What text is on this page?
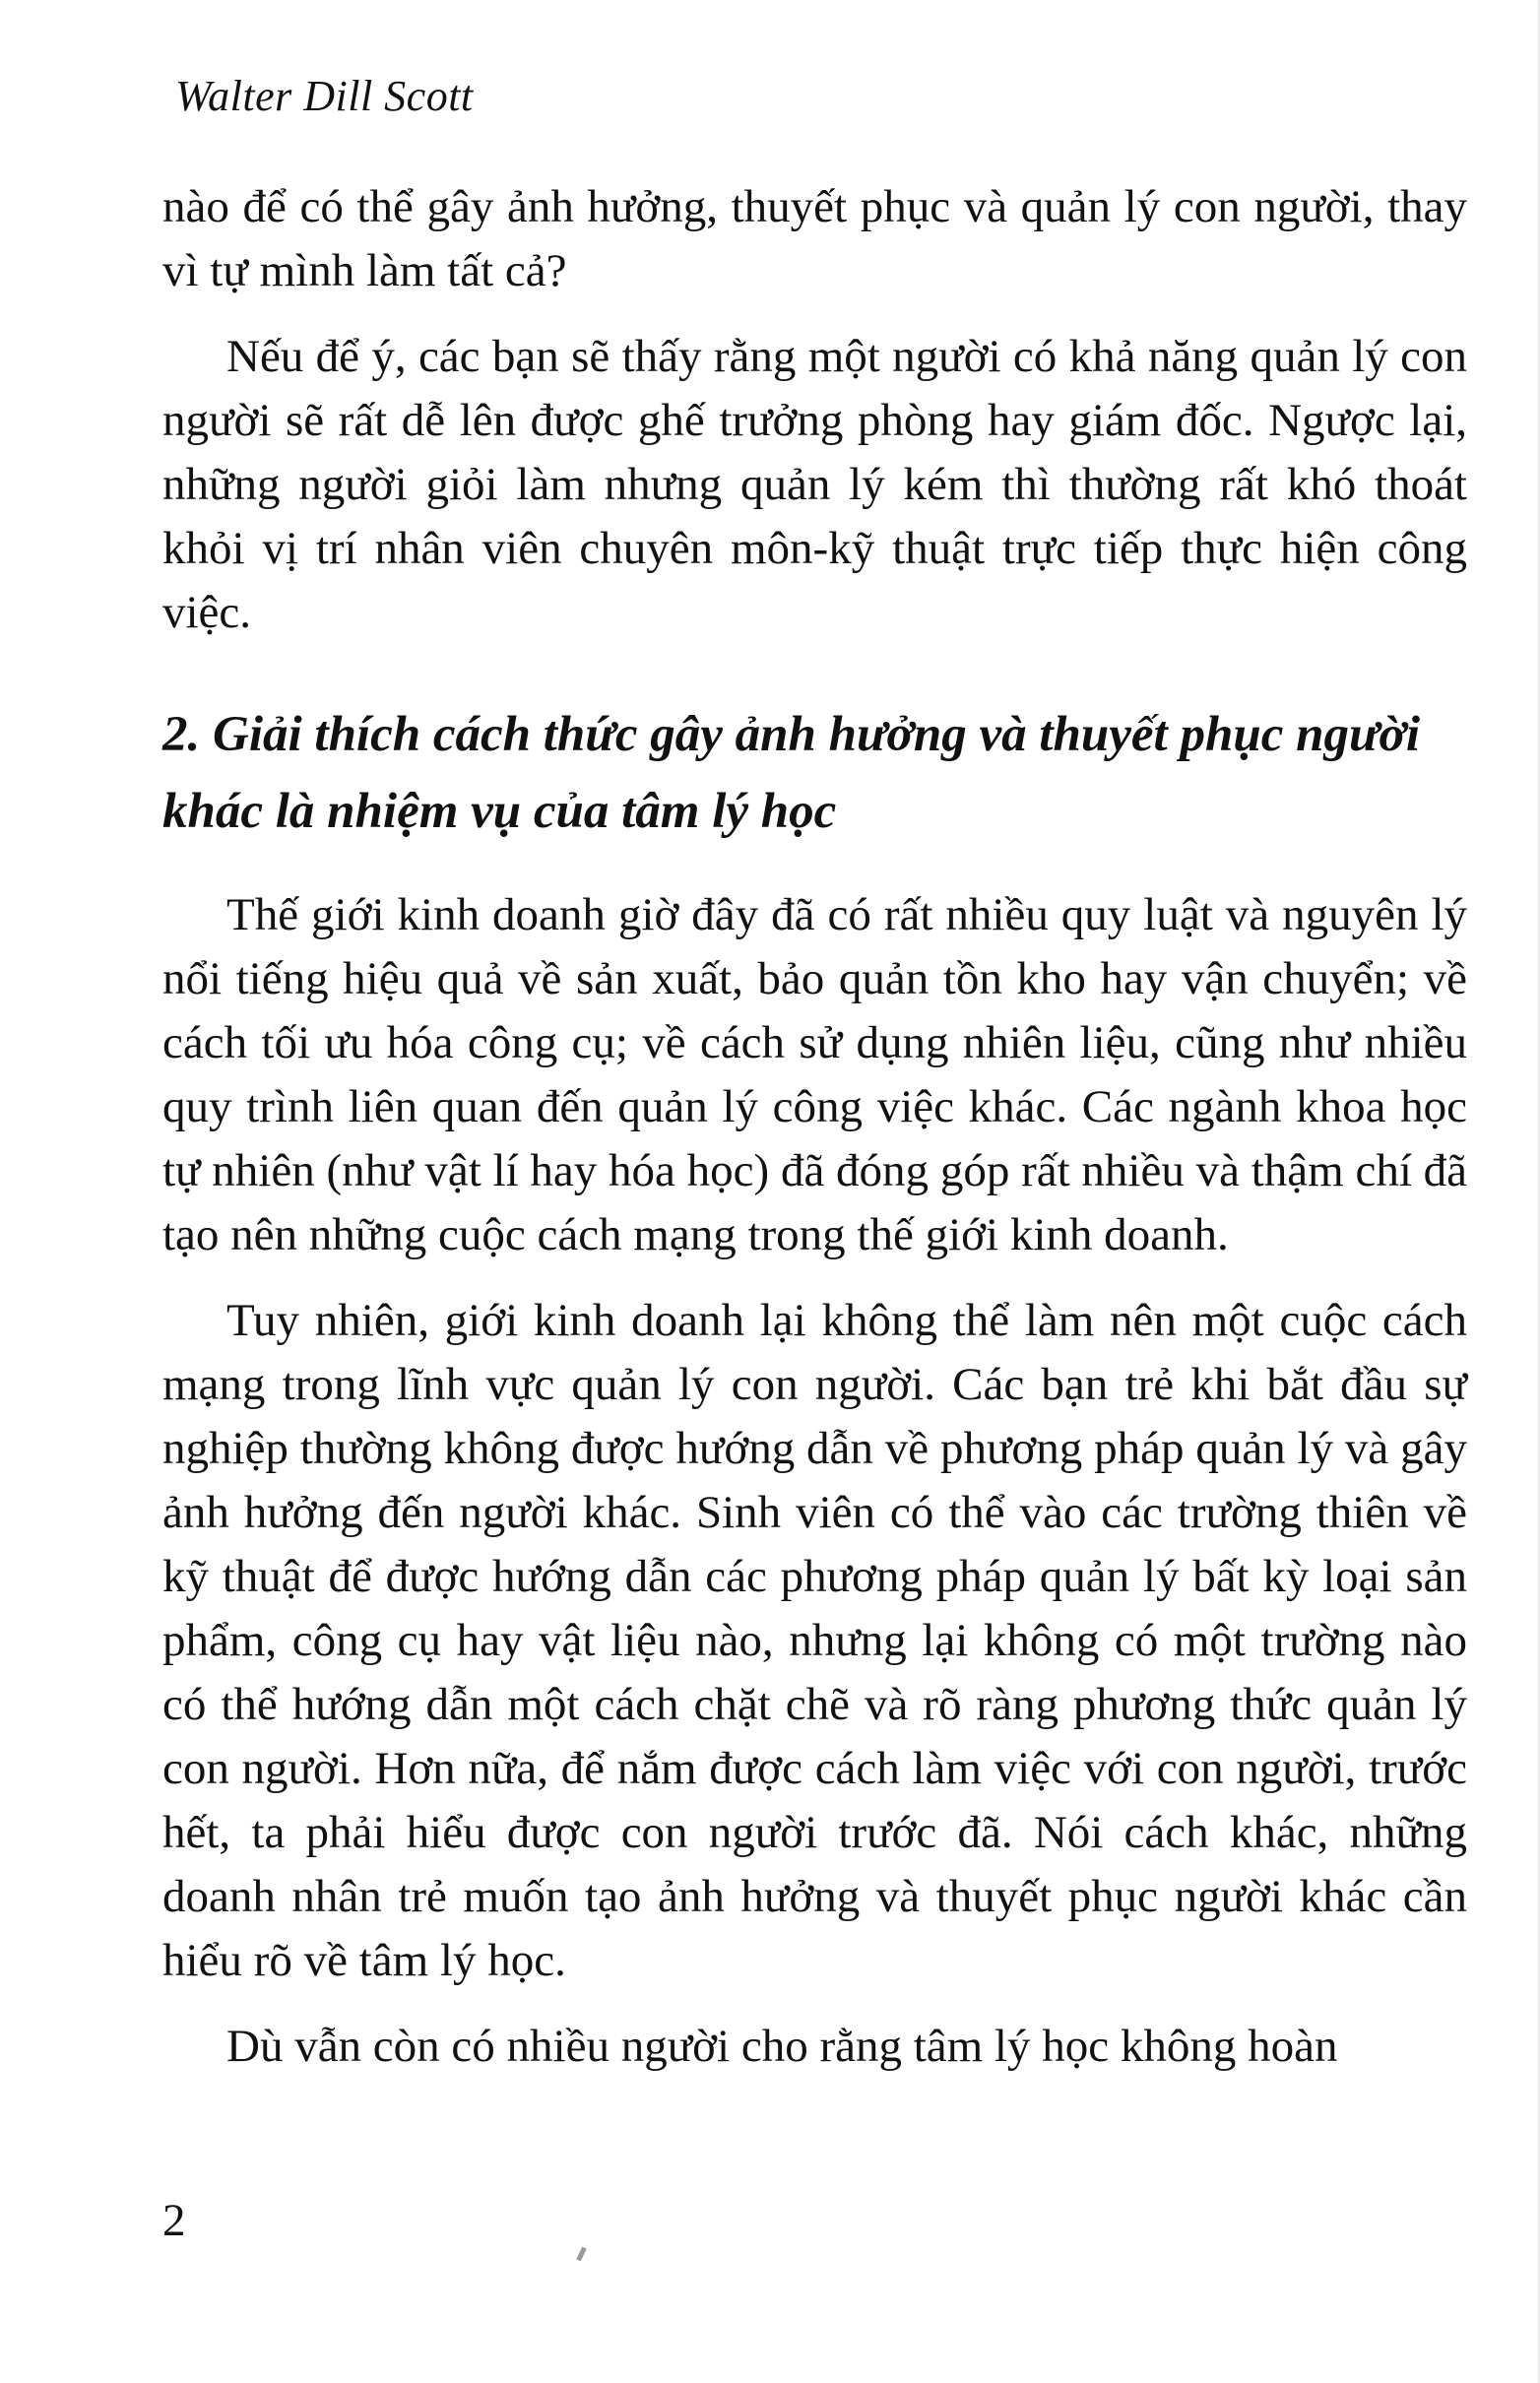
Walter Dill Scott

nào để có thể gây ảnh hưởng, thuyết phục và quản lý con người, thay vì tự mình làm tất cả?

Nếu để ý, các bạn sẽ thấy rằng một người có khả năng quản lý con người sẽ rất dễ lên được ghế trưởng phòng hay giám đốc. Ngược lại, những người giỏi làm nhưng quản lý kém thì thường rất khó thoát khỏi vị trí nhân viên chuyên môn-kỹ thuật trực tiếp thực hiện công việc.

2. Giải thích cách thức gây ảnh hưởng và thuyết phục người khác là nhiệm vụ của tâm lý học

Thế giới kinh doanh giờ đây đã có rất nhiều quy luật và nguyên lý nổi tiếng hiệu quả về sản xuất, bảo quản tồn kho hay vận chuyển; về cách tối ưu hóa công cụ; về cách sử dụng nhiên liệu, cũng như nhiều quy trình liên quan đến quản lý công việc khác. Các ngành khoa học tự nhiên (như vật lí hay hóa học) đã đóng góp rất nhiều và thậm chí đã tạo nên những cuộc cách mạng trong thế giới kinh doanh.

Tuy nhiên, giới kinh doanh lại không thể làm nên một cuộc cách mạng trong lĩnh vực quản lý con người. Các bạn trẻ khi bắt đầu sự nghiệp thường không được hướng dẫn về phương pháp quản lý và gây ảnh hưởng đến người khác. Sinh viên có thể vào các trường thiên về kỹ thuật để được hướng dẫn các phương pháp quản lý bất kỳ loại sản phẩm, công cụ hay vật liệu nào, nhưng lại không có một trường nào có thể hướng dẫn một cách chặt chẽ và rõ ràng phương thức quản lý con người. Hơn nữa, để nắm được cách làm việc với con người, trước hết, ta phải hiểu được con người trước đã. Nói cách khác, những doanh nhân trẻ muốn tạo ảnh hưởng và thuyết phục người khác cần hiểu rõ về tâm lý học.

Dù vẫn còn có nhiều người cho rằng tâm lý học không hoàn

2
